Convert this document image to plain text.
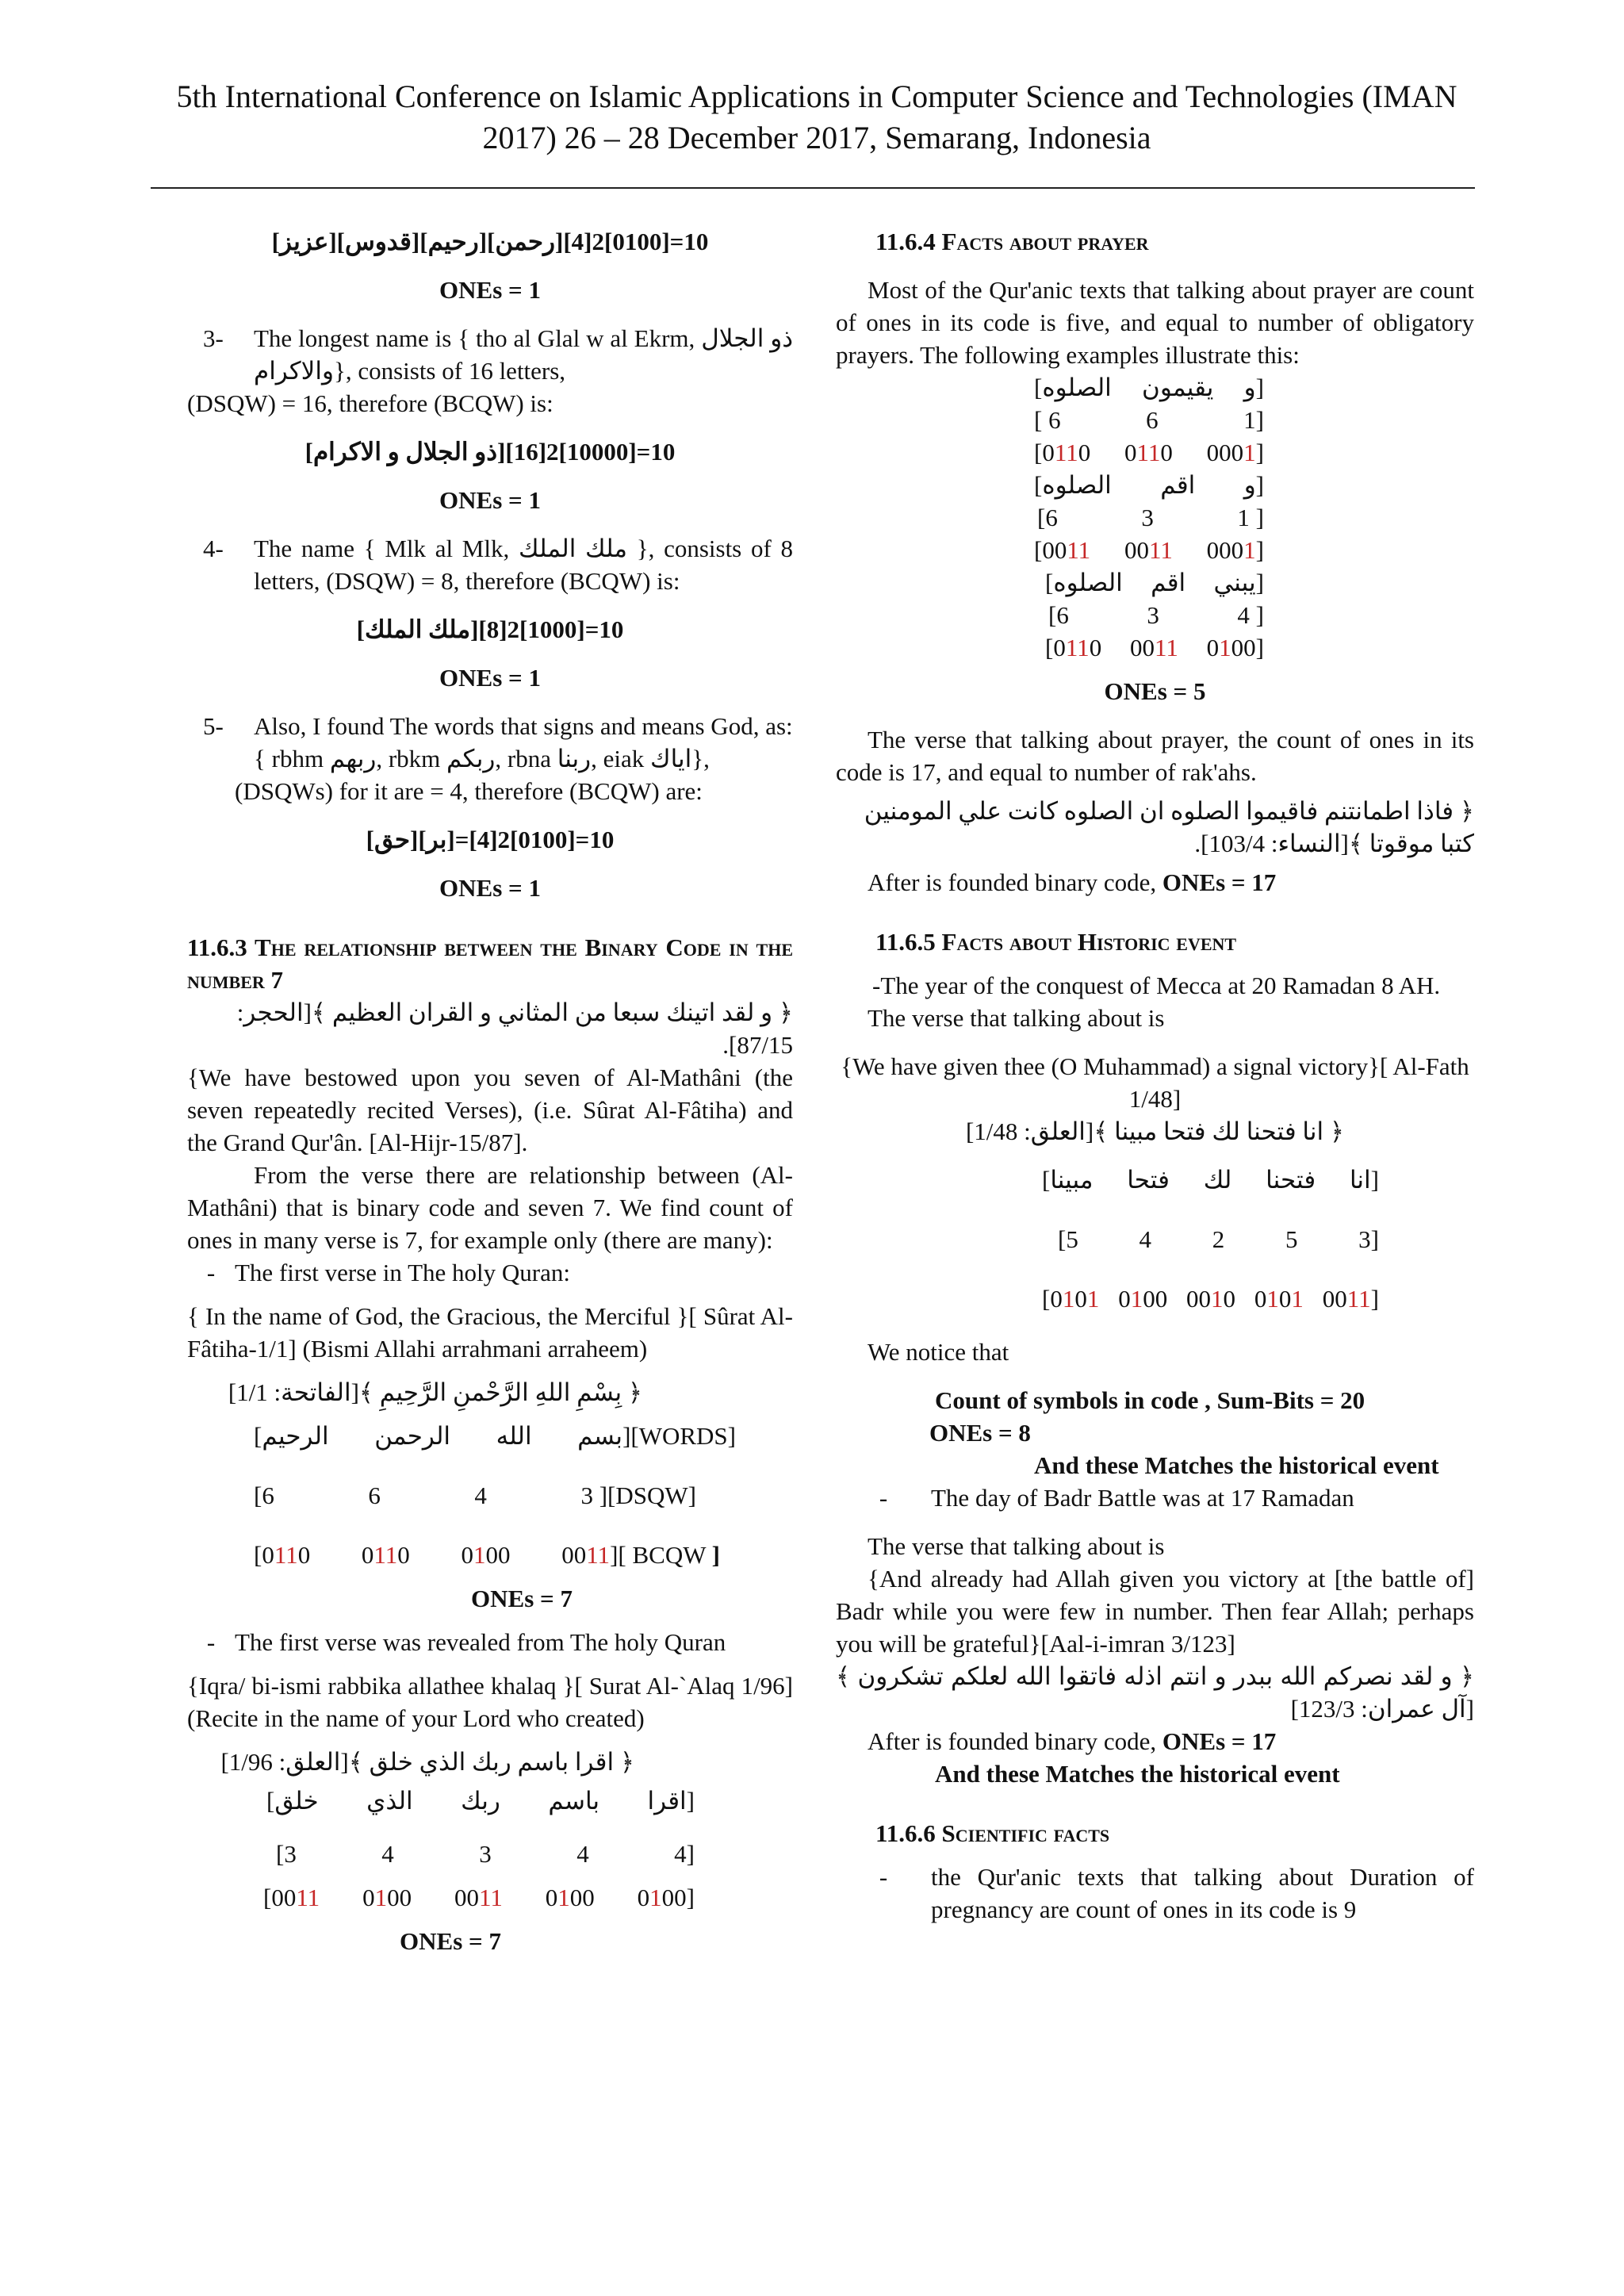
5th International Conference on Islamic Applications in Computer Science and Technologies (IMAN
2017) 26 – 28 December 2017, Semarang, Indonesia

[عزيز][قدوس][رحيم][رحمن][4]10=[0100]2

ONEs = 1

3-	The longest name is { tho al Glal w al Ekrm, ذو الجلال والاكرام}, consists of 16 letters,

(DSQW) = 16, therefore (BCQW) is:

[ذو الجلال و الاكرام][16]10=[10000]2

ONEs = 1

4-	The name { Mlk al Mlk, ملك الملك }, consists of 8 letters, (DSQW) = 8, therefore (BCQW) is:

[ملك الملك][8]10=[1000]2

ONEs = 1

5-	Also, I found The words that signs and means God, as:

{ rbhm ربهم, rbkm ربكم, rbna ربنا, eiak اياك},

(DSQWs) for it are = 4, therefore (BCQW) are:

[حق][بر]=[4]10=[0100]2

ONEs = 1

11.6.3 The relationship between the Binary Code in the number 7

﴿ و لقد اتينك سبعا من المثاني و القران العظيم ﴾[الحجر: 87/15].

{We have bestowed upon you seven of Al-Mathâni (the seven repeatedly recited Verses), (i.e. Sûrat Al-Fâtiha) and the Grand Qur'ân. [Al-Hijr-15/87].

From the verse there are relationship between (Al-Mathâni) that is binary code and seven 7. We find count of ones in many verse is 7, for example only (there are many):

- The first verse in The holy Quran:

{ In the name of God, the Gracious, the Merciful }[ Sûrat Al-Fâtiha-1/1] (Bismi Allahi arrahmani arraheem)

﴿ بِسْمِ اللهِ الرَّحْمنِ الرَّحِيمِ ﴾[الفاتحة: 1/1]

[الرحيم الرحمن الله بسم][WORDS]
[6	6	4	3 ][DSQW]
[0110 0110 0100 0011][ BCQW ]

ONEs = 7

- The first verse was revealed from The holy Quran

{Iqra/ bi-ismi rabbika allathee khalaq }[ Surat Al-`Alaq 1/96](Recite in the name of your Lord who created)

﴿ اقرا باسم ربك الذي خلق ﴾[العلق: 1/96]

[خلق الذي ربك باسم اقرا]
[3	4	3	4	4]
[0011 0100 0011 0100 0100]

ONEs = 7

11.6.4 Facts about prayer

Most of the Qur'anic texts that talking about prayer are count of ones in its code is five, and equal to number of obligatory prayers. The following examples illustrate this:

[الصلوه يقيمون و]
[ 6	6	1]
[0110 0110 0001]
[الصلوه اقم و]
[6	3	1 ]
[0011 0011 0001]
[الصلوه اقم يبني]
[6	3	4 ]
[0110 0011 0100]

ONEs = 5

The verse that talking about prayer, the count of ones in its code is 17, and equal to number of rak'ahs.

﴿ فاذا اطمانتنم فاقيموا الصلوه ان الصلوه كانت علي المومنين كتبا موقوتا ﴾[النساء: 103/4].

After is founded binary code, ONEs = 17

11.6.5 Facts about Historic event

-The year of the conquest of Mecca at 20 Ramadan 8 AH.

The verse that talking about is

{We have given thee (O Muhammad) a signal victory}[ Al-Fath 1/48]

﴿ انا فتحنا لك فتحا مبينا ﴾[العلق: 1/48]

[مبينا فتحا لك فتحنا انا]
[5 4 2 5 3]
[0101 0100 0010 0101 0011]

We notice that

Count of symbols in code , Sum-Bits = 20

ONEs = 8

And these Matches the historical event

-	The day of Badr Battle was at 17 Ramadan

The verse that talking about is

{And already had Allah given you victory at [the battle of] Badr while you were few in number. Then fear Allah; perhaps you will be grateful}[Aal-i-imran 3/123]

﴿ و لقد نصركم الله ببدر و انتم اذله فاتقوا الله لعلكم تشكرون ﴾[آل عمران: 123/3]

After is founded binary code, ONEs = 17

And these Matches the historical event

11.6.6 Scientific facts

-	the Qur'anic texts that talking about Duration of pregnancy are count of ones in its code is 9
